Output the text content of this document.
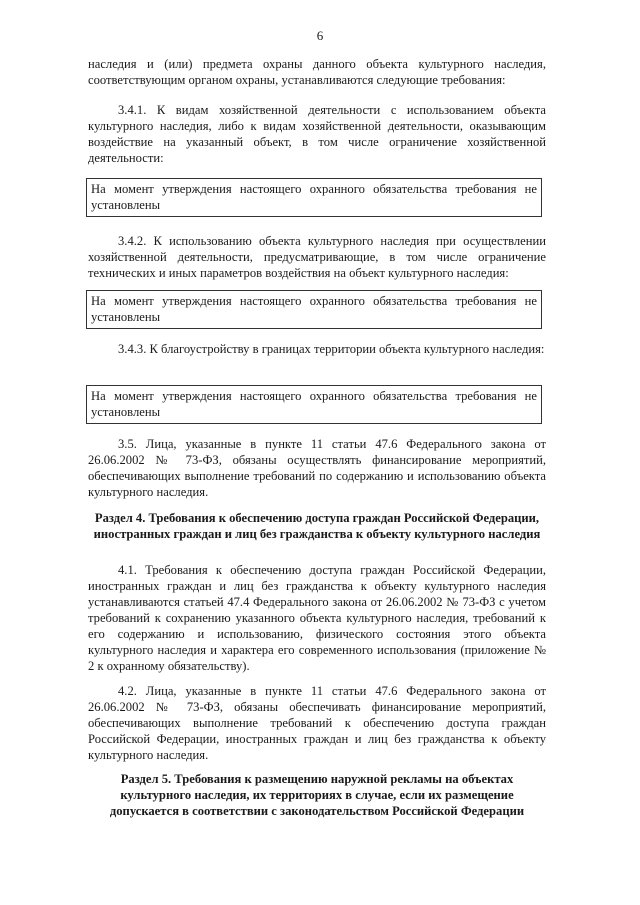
6

наследия и (или) предмета охраны данного объекта культурного наследия, соответствующим органом охраны, устанавливаются следующие требования:

3.4.1. К видам хозяйственной деятельности с использованием объекта культурного наследия, либо к видам хозяйственной деятельности, оказывающим воздействие на указанный объект, в том числе ограничение хозяйственной деятельности:

На момент утверждения настоящего охранного обязательства требования не установлены

3.4.2. К использованию объекта культурного наследия при осуществлении хозяйственной деятельности, предусматривающие, в том числе ограничение технических и иных параметров воздействия на объект культурного наследия:

На момент утверждения настоящего охранного обязательства требования не установлены

3.4.3. К благоустройству в границах территории объекта культурного наследия:

На момент утверждения настоящего охранного обязательства требования не установлены

3.5. Лица, указанные в пункте 11 статьи 47.6 Федерального закона от 26.06.2002 № 73-ФЗ, обязаны осуществлять финансирование мероприятий, обеспечивающих выполнение требований по содержанию и использованию объекта культурного наследия.

Раздел 4. Требования к обеспечению доступа граждан Российской Федерации, иностранных граждан и лиц без гражданства к объекту культурного наследия

4.1. Требования к обеспечению доступа граждан Российской Федерации, иностранных граждан и лиц без гражданства к объекту культурного наследия устанавливаются статьей 47.4 Федерального закона от 26.06.2002 № 73-ФЗ с учетом требований к сохранению указанного объекта культурного наследия, требований к его содержанию и использованию, физического состояния этого объекта культурного наследия и характера его современного использования (приложение № 2 к охранному обязательству).

4.2. Лица, указанные в пункте 11 статьи 47.6 Федерального закона от 26.06.2002 № 73-ФЗ, обязаны обеспечивать финансирование мероприятий, обеспечивающих выполнение требований к обеспечению доступа граждан Российской Федерации, иностранных граждан и лиц без гражданства к объекту культурного наследия.

Раздел 5. Требования к размещению наружной рекламы на объектах культурного наследия, их территориях в случае, если их размещение допускается в соответствии с законодательством Российской Федерации
